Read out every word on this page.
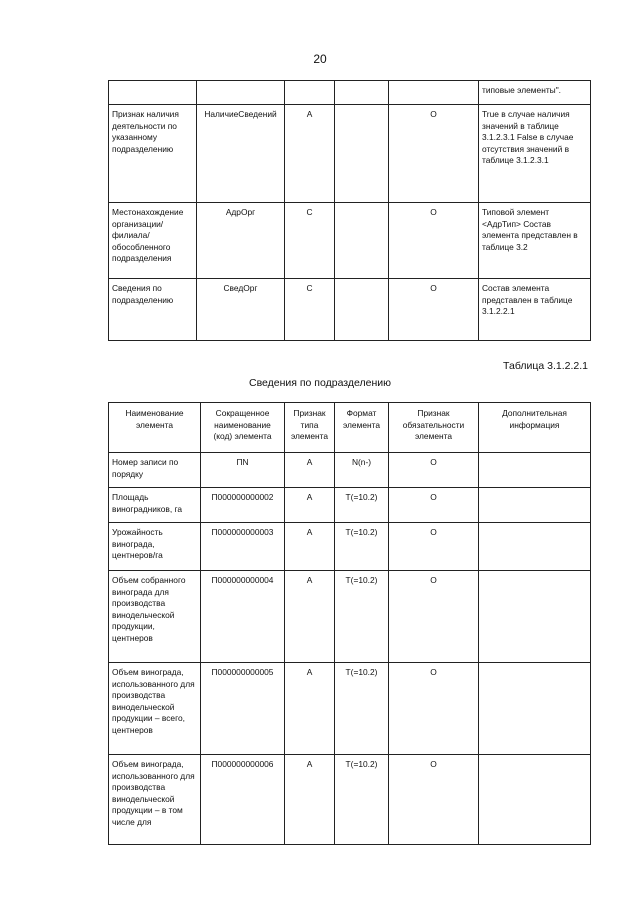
20
					типовые элементы".
Признак наличия деятельности по указанному подразделению	НаличиеСведений	А		О	True в случае наличия значений в таблице 3.1.2.3.1 False в случае отсутствия значений в таблице 3.1.2.3.1
Местонахождение организации/ филиала/ обособленного подразделения	АдрОрг	С		О	Типовой элемент <АдрТип> Состав элемента представлен в таблице 3.2
Сведения по подразделению	СведОрг	С		О	Состав элемента представлен в таблице 3.1.2.2.1
Таблица 3.1.2.2.1
Сведения по подразделению
Наименование элемента	Сокращенное наименование (код) элемента	Признак типа элемента	Формат элемента	Признак обязательности элемента	Дополнительная информация
Номер записи по порядку	ПN	А	N(n-)	О	
Площадь виноградников, га	П000000000002	А	T(=10.2)	О	
Урожайность винограда, центнеров/га	П000000000003	А	T(=10.2)	О	
Объем собранного винограда для производства винодельческой продукции, центнеров	П000000000004	А	T(=10.2)	О	
Объем винограда, использованного для производства винодельческой продукции – всего, центнеров	П000000000005	А	T(=10.2)	О	
Объем винограда, использованного для производства винодельческой продукции – в том числе для	П000000000006	А	T(=10.2)	О	
